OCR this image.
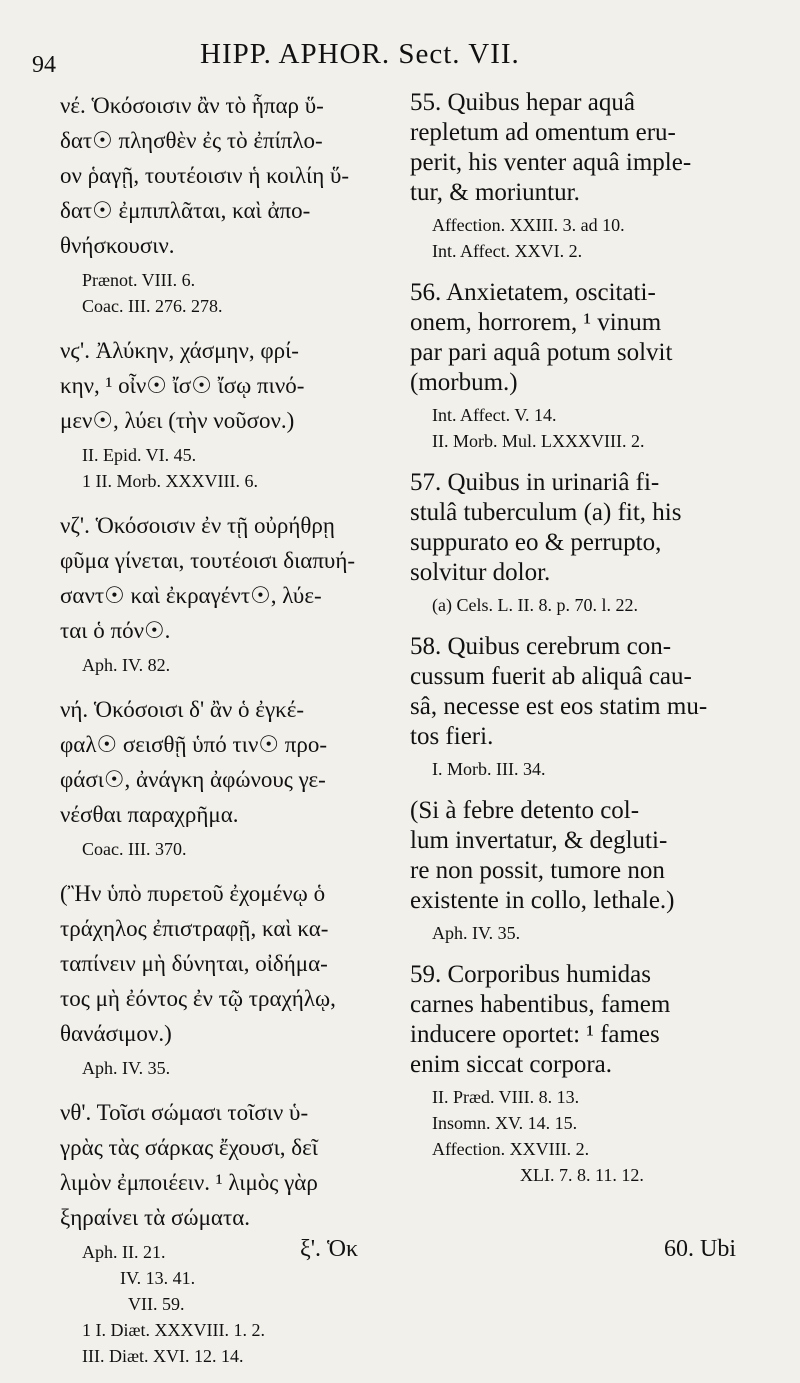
94	HIPP. APHOR. Sect. VII.
νέ. Ὁκόσοισιν ἂν τὸ ἧπαρ ὕ-
δατ☉ πλησθὲν ἐς τὸ ἐπίπλο-
ον ῥαγῇ, τουτέοισιν ἡ κοιλίη ὕ-
δατ☉ ἐμπιπλᾶται, καὶ ἀπο-
θνήσκουσιν.
Prænot. VIII. 6.
Coac. III. 276. 278.
νϛ'. Ἀλύκην, χάσμην, φρί-
κην, ¹ οἶν☉ ἴσ☉ ἴσῳ πινό-
μεν☉, λύει (τὴν νοῦσον.)
II. Epid. VI. 45.
1 II. Morb. XXXVIII. 6.
νζ'. Ὁκόσοισιν ἐν τῇ οὐρήθρῃ
φῦμα γίνεται, τουτέοισι διαπυή-
σαντ☉ καὶ ἐκραγέντ☉, λύε-
ται ὁ πόν☉.
Aph. IV. 82.
νή. Ὁκόσοισι δ' ἂν ὁ ἐγκέ-
φαλ☉ σεισθῇ ὑπό τιν☉ προ-
φάσι☉, ἀνάγκη ἀφώνους γε-
νέσθαι παραχρῆμα.
Coac. III. 370.
(Ἢν ὑπὸ πυρετοῦ ἐχομένῳ ὁ
τράχηλος ἐπιστραφῇ, καὶ κα-
ταπίνειν μὴ δύνηται, οἰδήμα-
τος μὴ ἐόντος ἐν τῷ τραχήλῳ,
θανάσιμον.)
Aph. IV. 35.
νθ'. Τοῖσι σώμασι τοῖσιν ὑ-
γρὰς τὰς σάρκας ἔχουσι, δεῖ
λιμὸν ἐμποιέειν. ¹ λιμὸς γὰρ
ξηραίνει τὰ σώματα.
Aph. II. 21.
IV. 13. 41.
VII. 59.
1 I. Diæt. XXXVIII. 1. 2.
III. Diæt. XVI. 12. 14.
55. Quibus hepar aquâ
repletum ad omentum eru-
perit, his venter aquâ imple-
tur, & moriuntur.
Affection. XXIII. 3. ad 10.
Int. Affect. XXVI. 2.
56. Anxietatem, oscitati-
onem, horrorem, ¹ vinum
par pari aquâ potum solvit
(morbum.)
Int. Affect. V. 14.
II. Morb. Mul. LXXXVIII. 2.
57. Quibus in urinariâ fi-
stulâ tuberculum (a) fit, his
suppurato eo & perrupto,
solvitur dolor.
(a) Cels. L. II. 8. p. 70. l. 22.
58. Quibus cerebrum con-
cussum fuerit ab aliquâ cau-
sâ, necesse est eos statim mu-
tos fieri.
I. Morb. III. 34.
(Si à febre detento col-
lum invertatur, & degluti-
re non possit, tumore non
existente in collo, lethale.)
Aph. IV. 35.
59. Corporibus humidas
carnes habentibus, famem
inducere oportet: ¹ fames
enim siccat corpora.
II. Præd. VIII. 8. 13.
Insomn. XV. 14. 15.
Affection. XXVIII. 2.
XLI. 7. 8. 11. 12.
ξ'. Ὁκ	60. Ubi
